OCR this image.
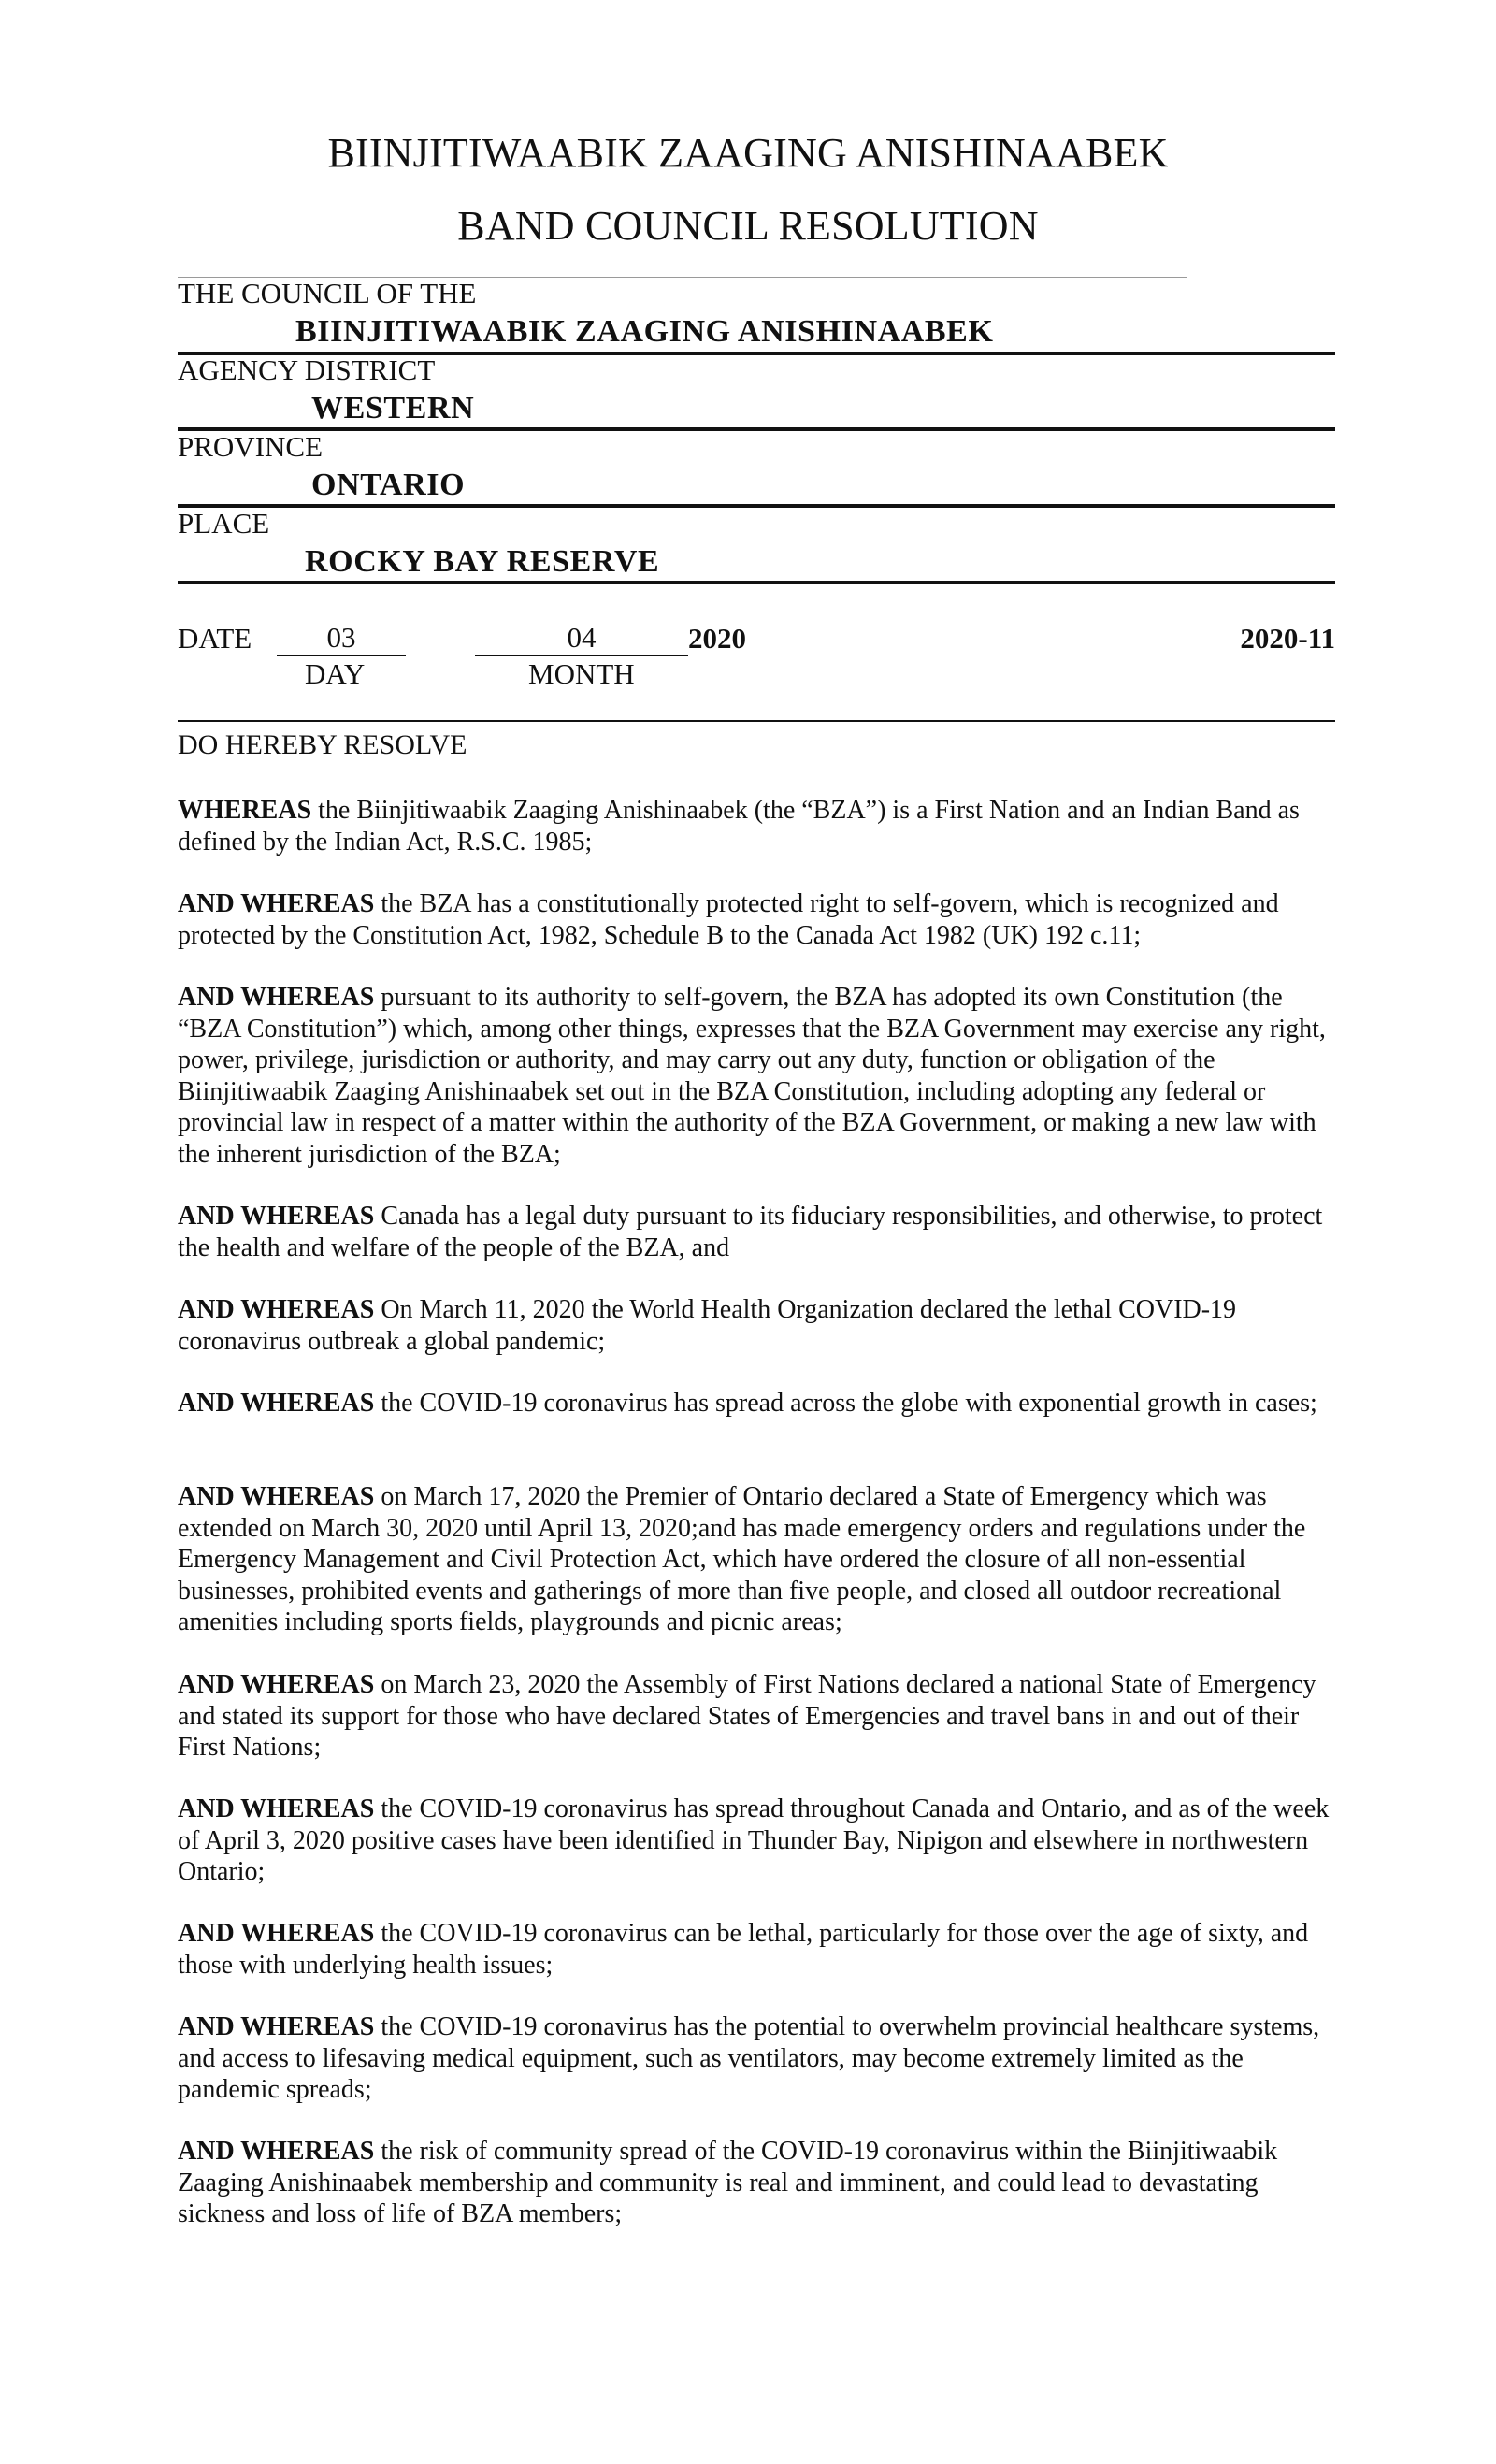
BIINJITIWAABIK ZAAGING ANISHINAABEK
BAND COUNCIL RESOLUTION
THE COUNCIL OF THE
BIINJITIWAABIK ZAAGING ANISHINAABEK
AGENCY DISTRICT
WESTERN
PROVINCE
ONTARIO
PLACE
ROCKY BAY RESERVE
DATE	03	04	2020	2020-11
DAY	MONTH
DO HEREBY RESOLVE
WHEREAS the Biinjitiwaabik Zaaging Anishinaabek (the “BZA”) is a First Nation and an Indian Band as defined by the Indian Act, R.S.C. 1985;
AND WHEREAS the BZA has a constitutionally protected right to self-govern, which is recognized and protected by the Constitution Act, 1982, Schedule B to the Canada Act 1982 (UK) 192 c.11;
AND WHEREAS pursuant to its authority to self-govern, the BZA has adopted its own Constitution (the “BZA Constitution”) which, among other things, expresses that the BZA Government may exercise any right, power, privilege, jurisdiction or authority, and may carry out any duty, function or obligation of the Biinjitiwaabik Zaaging Anishinaabek set out in the BZA Constitution, including adopting any federal or provincial law in respect of a matter within the authority of the BZA Government, or making a new law with the inherent jurisdiction of the BZA;
AND WHEREAS Canada has a legal duty pursuant to its fiduciary responsibilities, and otherwise, to protect the health and welfare of the people of the BZA, and
AND WHEREAS On March 11, 2020 the World Health Organization declared the lethal COVID-19 coronavirus outbreak a global pandemic;
AND WHEREAS the COVID-19 coronavirus has spread across the globe with exponential growth in cases;
AND WHEREAS on March 17, 2020 the Premier of Ontario declared a State of Emergency which was extended on March 30, 2020 until April 13, 2020;and has made emergency orders and regulations under the Emergency Management and Civil Protection Act, which have ordered the closure of all non-essential businesses, prohibited events and gatherings of more than five people, and closed all outdoor recreational amenities including sports fields, playgrounds and picnic areas;
AND WHEREAS on March 23, 2020 the Assembly of First Nations declared a national State of Emergency and stated its support for those who have declared States of Emergencies and travel bans in and out of their First Nations;
AND WHEREAS the COVID-19 coronavirus has spread throughout Canada and Ontario, and as of the week of April 3, 2020 positive cases have been identified in Thunder Bay, Nipigon and elsewhere in northwestern Ontario;
AND WHEREAS the COVID-19 coronavirus can be lethal, particularly for those over the age of sixty, and those with underlying health issues;
AND WHEREAS the COVID-19 coronavirus has the potential to overwhelm provincial healthcare systems, and access to lifesaving medical equipment, such as ventilators, may become extremely limited as the pandemic spreads;
AND WHEREAS the risk of community spread of the COVID-19 coronavirus within the Biinjitiwaabik Zaaging Anishinaabek membership and community is real and imminent, and could lead to devastating sickness and loss of life of BZA members;
